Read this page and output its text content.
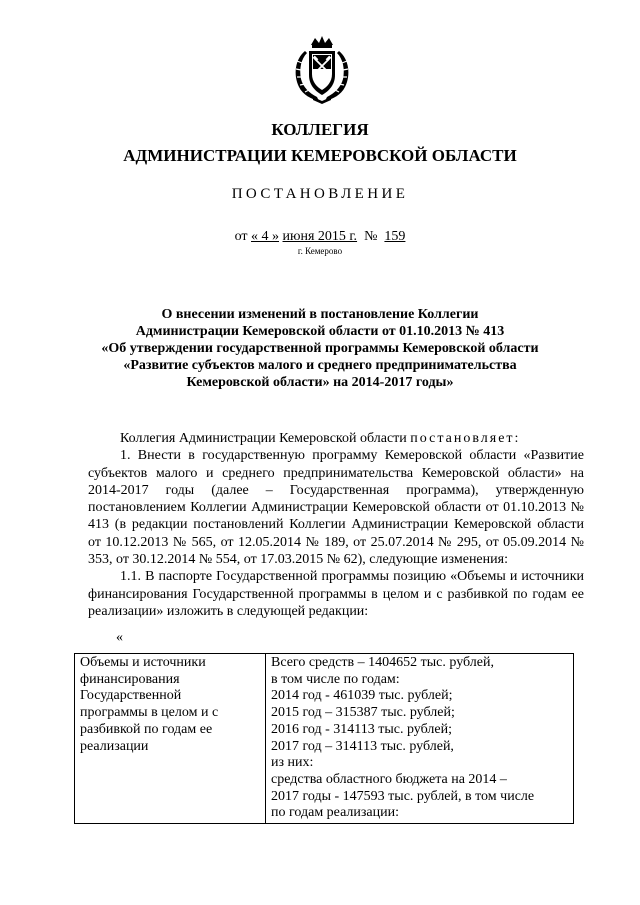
КОЛЛЕГИЯ
АДМИНИСТРАЦИИ КЕМЕРОВСКОЙ ОБЛАСТИ
ПОСТАНОВЛЕНИЕ
от « 4 » июня 2015 г. № 159
г. Кемерово
О внесении изменений в постановление Коллегии
Администрации Кемеровской области от 01.10.2013 № 413
«Об утверждении государственной программы Кемеровской области
«Развитие субъектов малого и среднего предпринимательства
Кемеровской области» на 2014-2017 годы»

Коллегия Администрации Кемеровской области постановляет:

1. Внести в государственную программу Кемеровской области «Развитие субъектов малого и среднего предпринимательства Кемеровской области» на 2014-2017 годы (далее – Государственная программа), утвержденную постановлением Коллегии Администрации Кемеровской области от 01.10.2013 № 413 (в редакции постановлений Коллегии Администрации Кемеровской области от 10.12.2013 № 565, от 12.05.2014 № 189, от 25.07.2014 № 295, от 05.09.2014 № 353, от 30.12.2014 № 554, от 17.03.2015 № 62), следующие изменения:

1.1. В паспорте Государственной программы позицию «Объемы и источники финансирования Государственной программы в целом и с разбивкой по годам ее реализации» изложить в следующей редакции:

«
Объемы и источники
финансирования
Государственной
программы в целом и с
разбивкой по годам ее
реализации

Всего средств – 1404652 тыс. рублей,
в том числе по годам:
2014 год - 461039 тыс. рублей;
2015 год – 315387 тыс. рублей;
2016 год - 314113 тыс. рублей;
2017 год – 314113 тыс. рублей,
из них:
средства областного бюджета на 2014 –
2017 годы - 147593 тыс. рублей, в том числе
по годам реализации:
